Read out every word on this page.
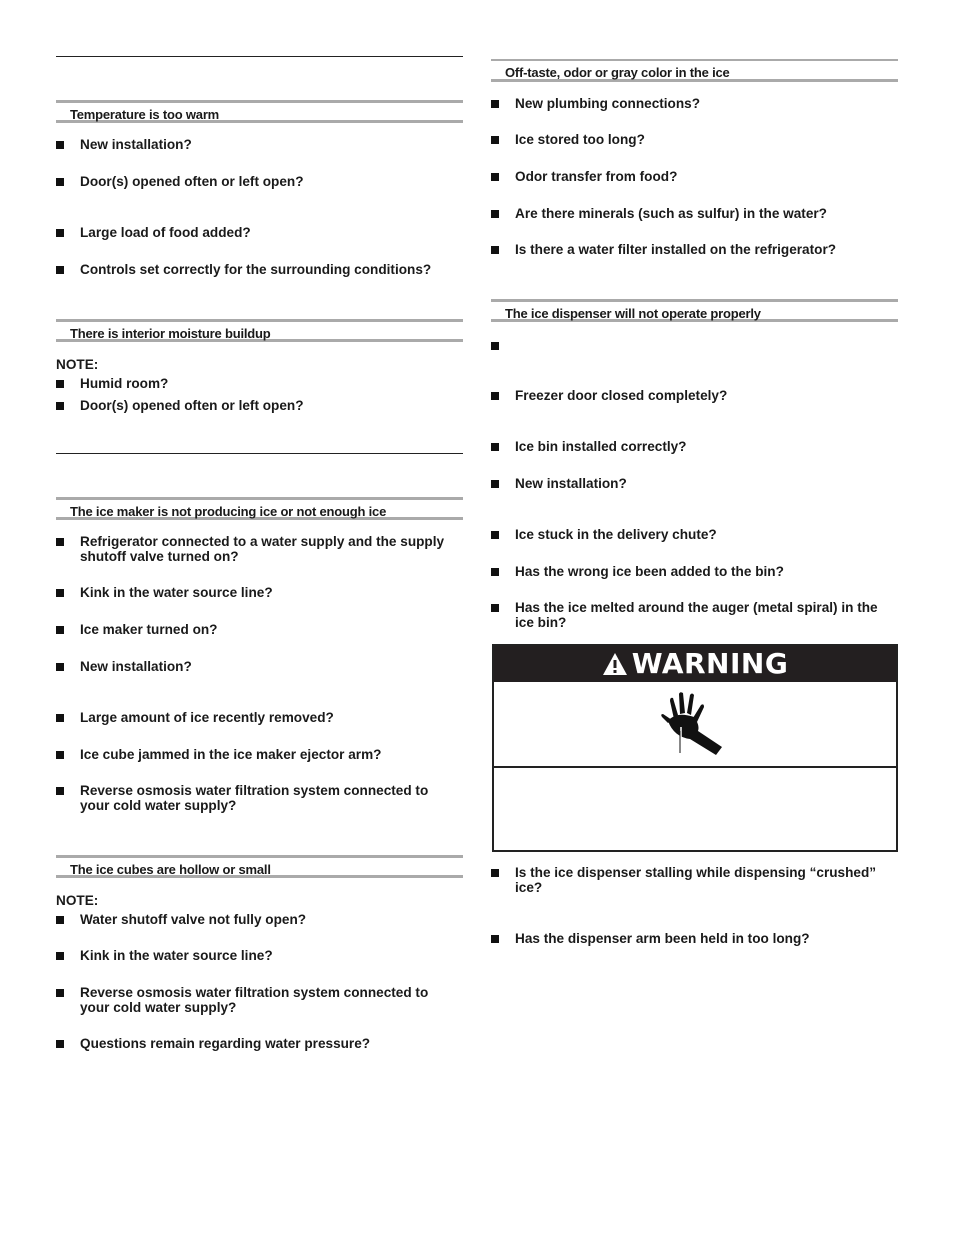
Temperature is too warm
New installation?
Door(s) opened often or left open?
Large load of food added?
Controls set correctly for the surrounding conditions?
There is interior moisture buildup
NOTE:
Humid room?
Door(s) opened often or left open?
The ice maker is not producing ice or not enough ice
Refrigerator connected to a water supply and the supply shutoff valve turned on?
Kink in the water source line?
Ice maker turned on?
New installation?
Large amount of ice recently removed?
Ice cube jammed in the ice maker ejector arm?
Reverse osmosis water filtration system connected to your cold water supply?
The ice cubes are hollow or small
NOTE:
Water shutoff valve not fully open?
Kink in the water source line?
Reverse osmosis water filtration system connected to your cold water supply?
Questions remain regarding water pressure?
Off-taste, odor or gray color in the ice
New plumbing connections?
Ice stored too long?
Odor transfer from food?
Are there minerals (such as sulfur) in the water?
Is there a water filter installed on the refrigerator?
The ice dispenser will not operate properly
Freezer door closed completely?
Ice bin installed correctly?
New installation?
Ice stuck in the delivery chute?
Has the wrong ice been added to the bin?
Has the ice melted around the auger (metal spiral) in the ice bin?
WARNING
Is the ice dispenser stalling while dispensing “crushed” ice?
Has the dispenser arm been held in too long?
